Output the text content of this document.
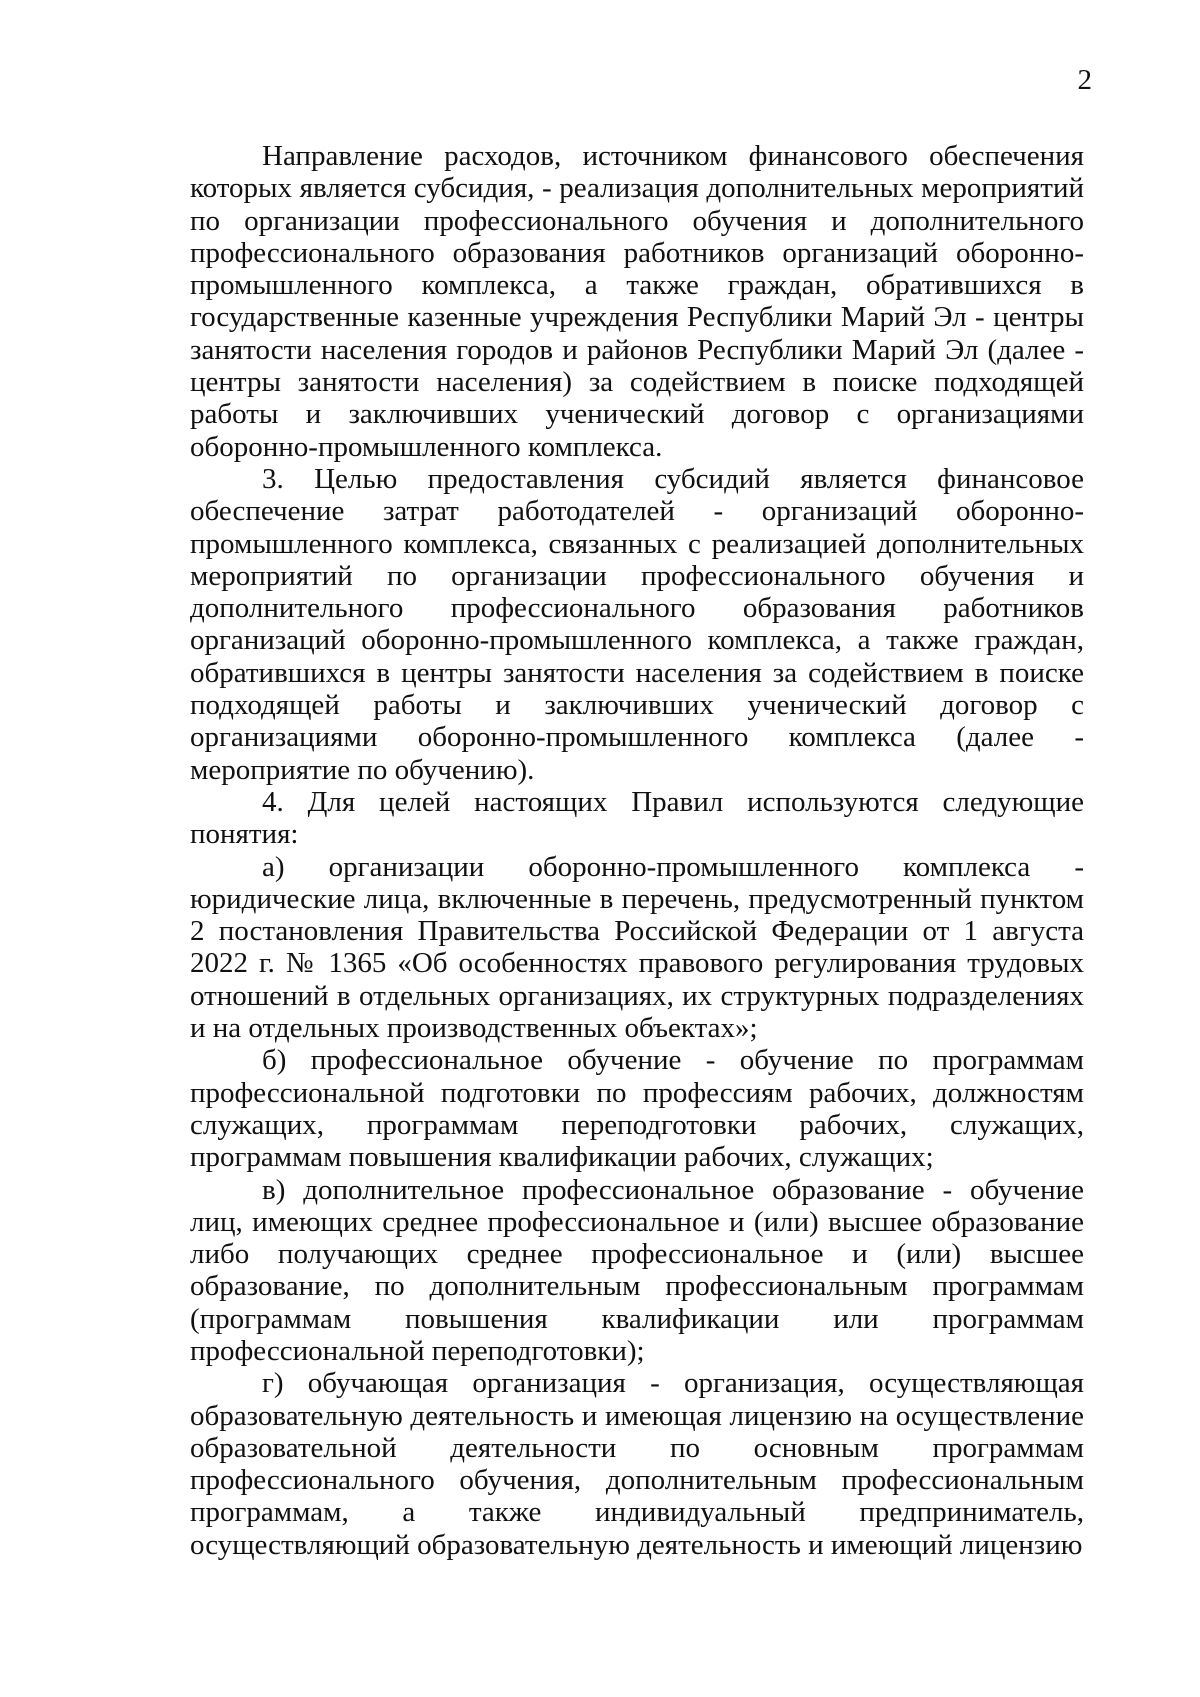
2

Направление расходов, источником финансового обеспечения которых является субсидия, - реализация дополнительных мероприятий по организации профессионального обучения и дополнительного профессионального образования работников организаций оборонно-промышленного комплекса, а также граждан, обратившихся в государственные казенные учреждения Республики Марий Эл - центры занятости населения городов и районов Республики Марий Эл (далее - центры занятости населения) за содействием в поиске подходящей работы и заключивших ученический договор с организациями оборонно-промышленного комплекса.

3. Целью предоставления субсидий является финансовое обеспечение затрат работодателей - организаций оборонно-промышленного комплекса, связанных с реализацией дополнительных мероприятий по организации профессионального обучения и дополнительного профессионального образования работников организаций оборонно-промышленного комплекса, а также граждан, обратившихся в центры занятости населения за содействием в поиске подходящей работы и заключивших ученический договор с организациями оборонно-промышленного комплекса (далее - мероприятие по обучению).

4. Для целей настоящих Правил используются следующие понятия:

а) организации оборонно-промышленного комплекса - юридические лица, включенные в перечень, предусмотренный пунктом 2 постановления Правительства Российской Федерации от 1 августа 2022 г. № 1365 «Об особенностях правового регулирования трудовых отношений в отдельных организациях, их структурных подразделениях и на отдельных производственных объектах»;

б) профессиональное обучение - обучение по программам профессиональной подготовки по профессиям рабочих, должностям служащих, программам переподготовки рабочих, служащих, программам повышения квалификации рабочих, служащих;

в) дополнительное профессиональное образование - обучение лиц, имеющих среднее профессиональное и (или) высшее образование либо получающих среднее профессиональное и (или) высшее образование, по дополнительным профессиональным программам (программам повышения квалификации или программам профессиональной переподготовки);

г) обучающая организация - организация, осуществляющая образовательную деятельность и имеющая лицензию на осуществление образовательной деятельности по основным программам профессионального обучения, дополнительным профессиональным программам, а также индивидуальный предприниматель, осуществляющий образовательную деятельность и имеющий лицензию
